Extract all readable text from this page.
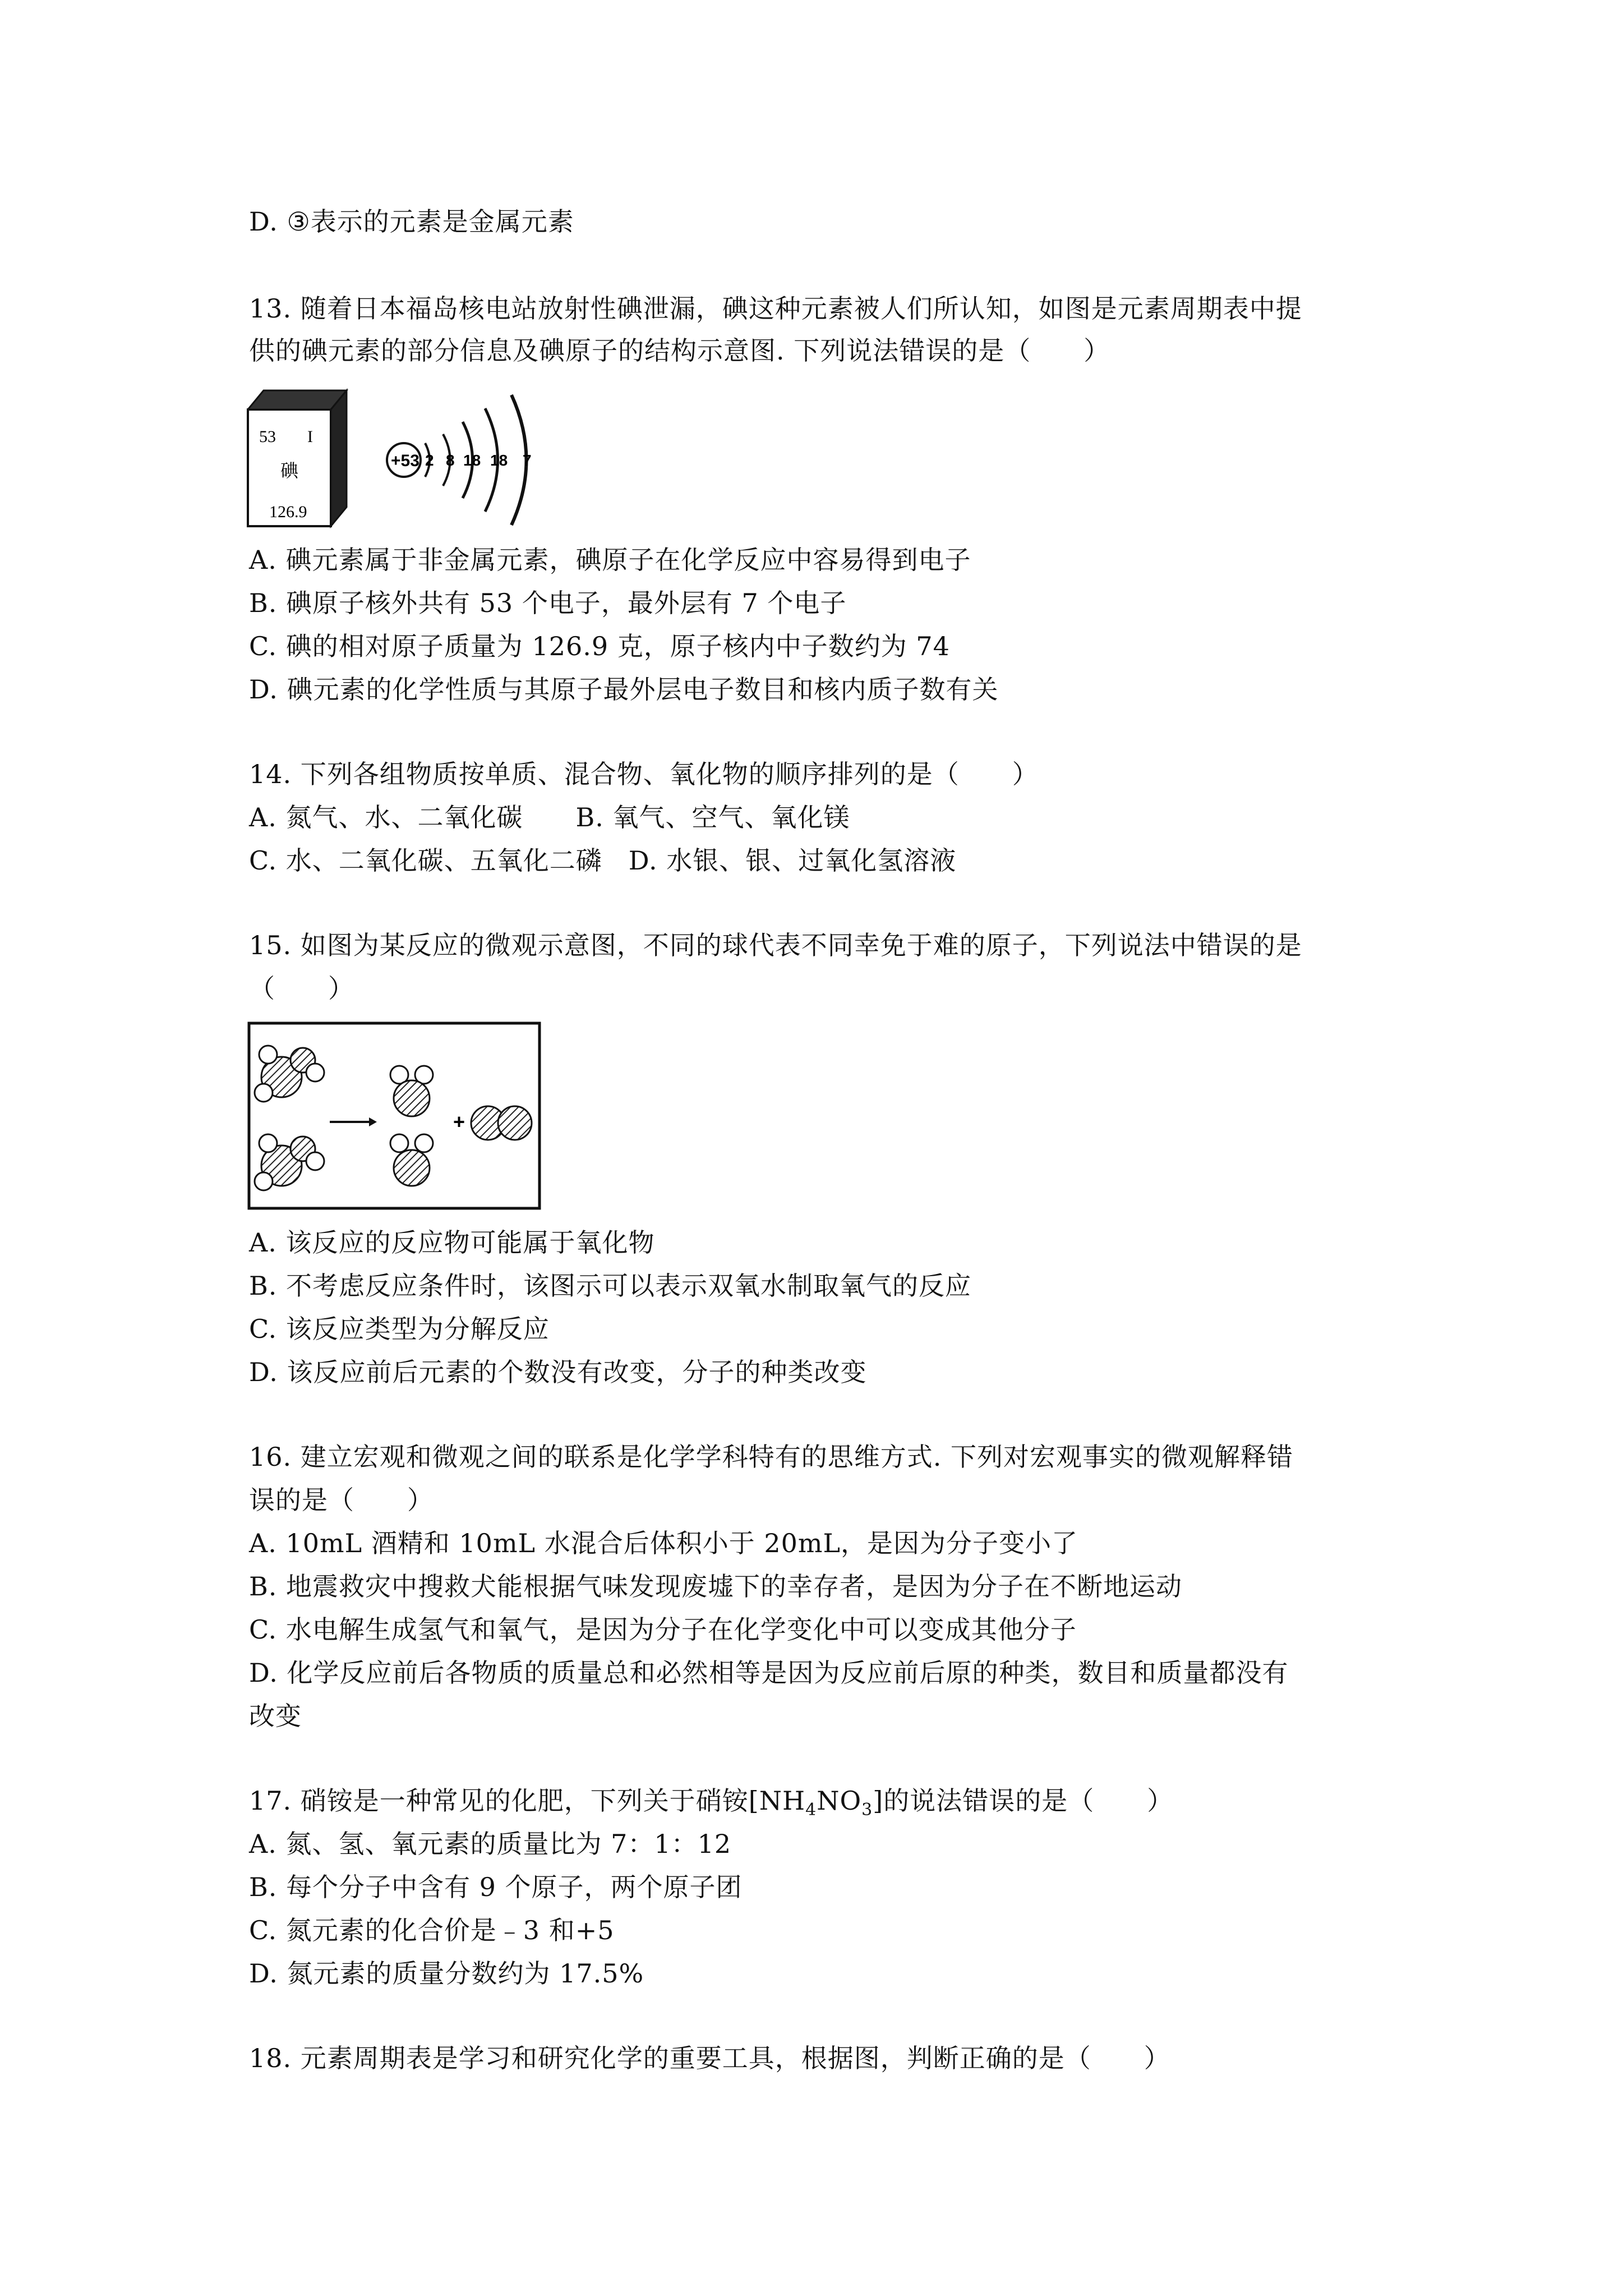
D. ③表示的元素是金属元素
13. 随着日本福岛核电站放射性碘泄漏，碘这种元素被人们所认知，如图是元素周期表中提
供的碘元素的部分信息及碘原子的结构示意图. 下列说法错误的是（　　）
53 I
碘
126.9
+53 2 8 18 18 7
A. 碘元素属于非金属元素，碘原子在化学反应中容易得到电子
B. 碘原子核外共有 53 个电子，最外层有 7 个电子
C. 碘的相对原子质量为 126.9 克，原子核内中子数约为 74
D. 碘元素的化学性质与其原子最外层电子数目和核内质子数有关
14. 下列各组物质按单质、混合物、氧化物的顺序排列的是（　　）
A. 氮气、水、二氧化碳　　B. 氧气、空气、氧化镁
C. 水、二氧化碳、五氧化二磷　D. 水银、银、过氧化氢溶液
15. 如图为某反应的微观示意图，不同的球代表不同幸免于难的原子，下列说法中错误的是
（　　）
+
A. 该反应的反应物可能属于氧化物
B. 不考虑反应条件时，该图示可以表示双氧水制取氧气的反应
C. 该反应类型为分解反应
D. 该反应前后元素的个数没有改变，分子的种类改变
16. 建立宏观和微观之间的联系是化学学科特有的思维方式. 下列对宏观事实的微观解释错
误的是（　　）
A. 10mL 酒精和 10mL 水混合后体积小于 20mL，是因为分子变小了
B. 地震救灾中搜救犬能根据气味发现废墟下的幸存者，是因为分子在不断地运动
C. 水电解生成氢气和氧气，是因为分子在化学变化中可以变成其他分子
D. 化学反应前后各物质的质量总和必然相等是因为反应前后原的种类，数目和质量都没有
改变
17. 硝铵是一种常见的化肥，下列关于硝铵$[NH_4NO_3]$的说法错误的是（　　）
A. 氮、氢、氧元素的质量比为 7：1：12
B. 每个分子中含有 9 个原子，两个原子团
C. 氮元素的化合价是﹣3 和+5
D. 氮元素的质量分数约为 17.5%
18. 元素周期表是学习和研究化学的重要工具，根据图，判断正确的是（　　）
